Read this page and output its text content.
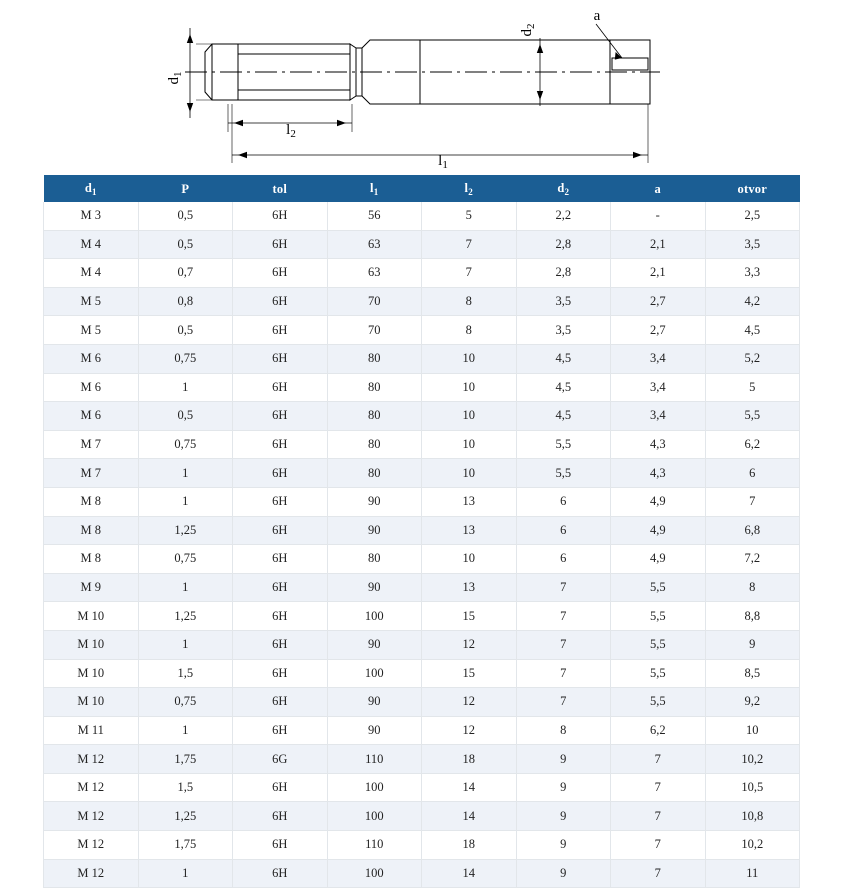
$d_1$
$l_2$
$l_1$
$d_2$
a
$d_1$	P	tol	$l_1$	$l_2$	$d_2$	a	otvor
M 3	0,5	6H	56	5	2,2	-	2,5
M 4	0,5	6H	63	7	2,8	2,1	3,5
M 4	0,7	6H	63	7	2,8	2,1	3,3
M 5	0,8	6H	70	8	3,5	2,7	4,2
M 5	0,5	6H	70	8	3,5	2,7	4,5
M 6	0,75	6H	80	10	4,5	3,4	5,2
M 6	1	6H	80	10	4,5	3,4	5
M 6	0,5	6H	80	10	4,5	3,4	5,5
M 7	0,75	6H	80	10	5,5	4,3	6,2
M 7	1	6H	80	10	5,5	4,3	6
M 8	1	6H	90	13	6	4,9	7
M 8	1,25	6H	90	13	6	4,9	6,8
M 8	0,75	6H	80	10	6	4,9	7,2
M 9	1	6H	90	13	7	5,5	8
M 10	1,25	6H	100	15	7	5,5	8,8
M 10	1	6H	90	12	7	5,5	9
M 10	1,5	6H	100	15	7	5,5	8,5
M 10	0,75	6H	90	12	7	5,5	9,2
M 11	1	6H	90	12	8	6,2	10
M 12	1,75	6G	110	18	9	7	10,2
M 12	1,5	6H	100	14	9	7	10,5
M 12	1,25	6H	100	14	9	7	10,8
M 12	1,75	6H	110	18	9	7	10,2
M 12	1	6H	100	14	9	7	11
